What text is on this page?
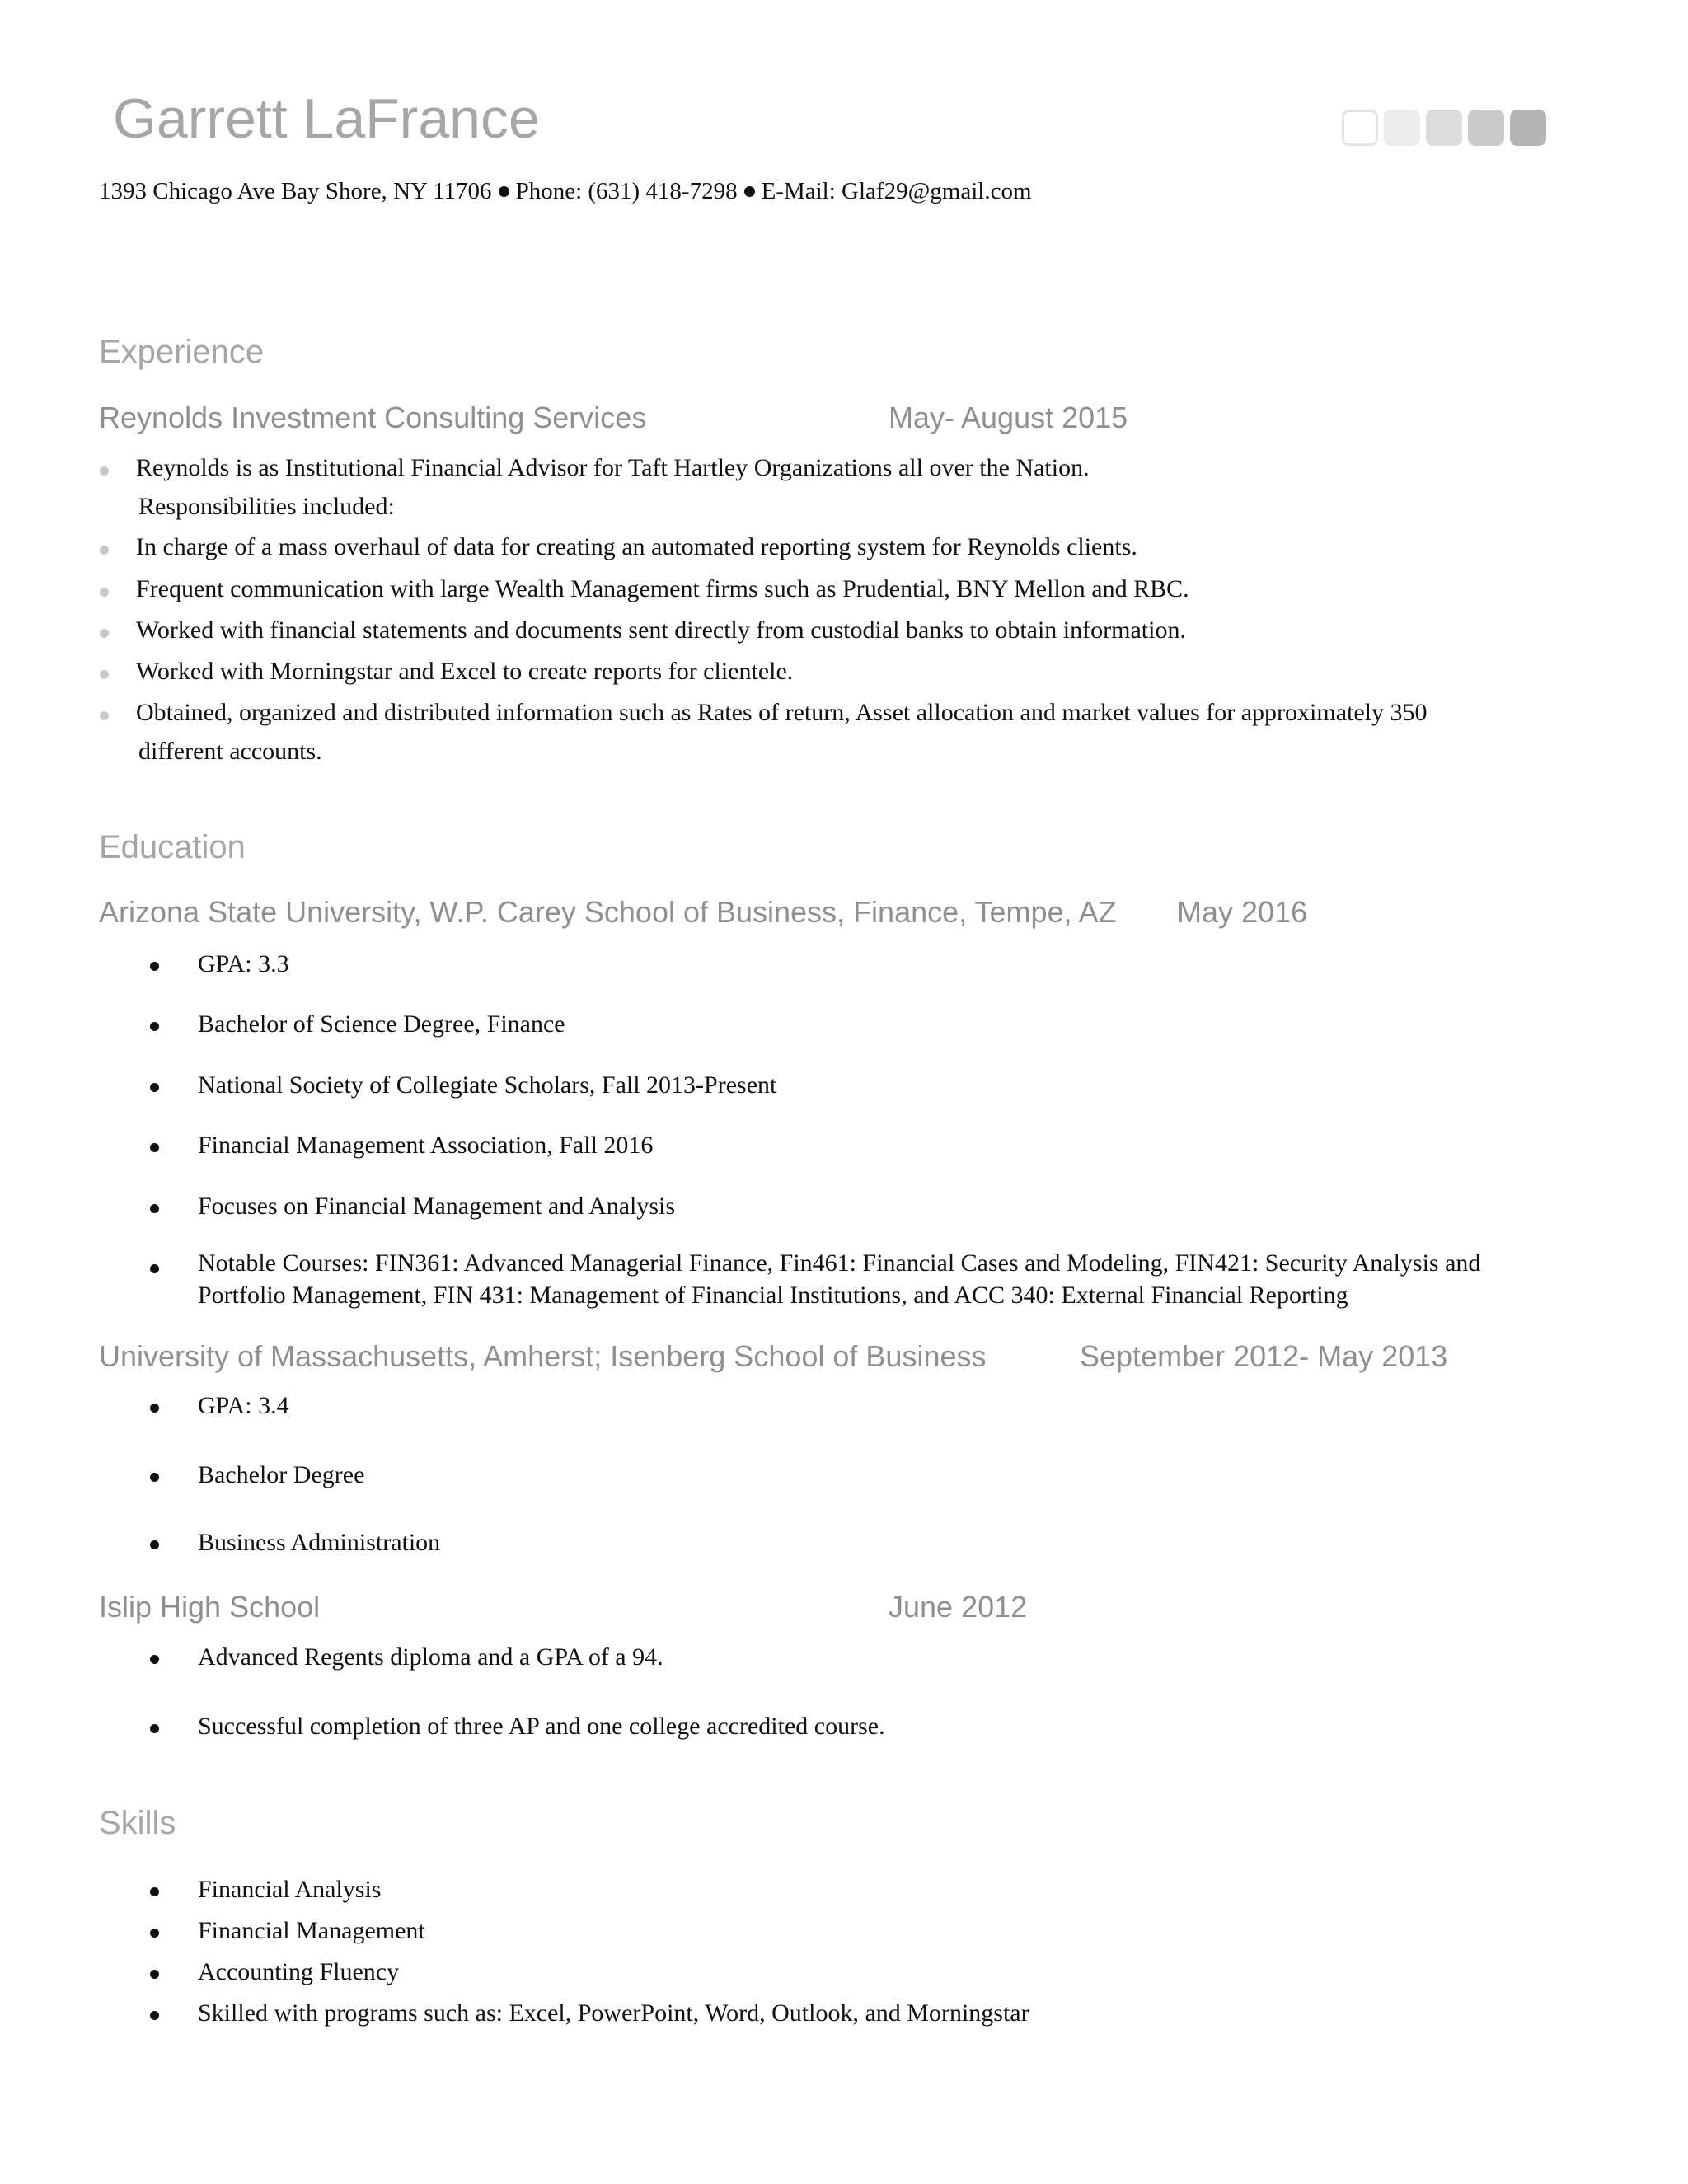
Garrett LaFrance
1393 Chicago Ave Bay Shore, NY 11706 Phone: (631) 418-7298 E-Mail: Glaf29@gmail.com
Experience
Reynolds Investment Consulting Services	May- August 2015
Reynolds is as Institutional Financial Advisor for Taft Hartley Organizations all over the Nation.
Responsibilities included:
In charge of a mass overhaul of data for creating an automated reporting system for Reynolds clients.
Frequent communication with large Wealth Management firms such as Prudential, BNY Mellon and RBC.
Worked with financial statements and documents sent directly from custodial banks to obtain information.
Worked with Morningstar and Excel to create reports for clientele.
Obtained, organized and distributed information such as Rates of return, Asset allocation and market values for approximately 350
different accounts.
Education
Arizona State University, W.P. Carey School of Business, Finance, Tempe, AZ May 2016
GPA: 3.3
Bachelor of Science Degree, Finance
National Society of Collegiate Scholars, Fall 2013-Present
Financial Management Association, Fall 2016
Focuses on Financial Management and Analysis
Notable Courses: FIN361: Advanced Managerial Finance, Fin461: Financial Cases and Modeling, FIN421: Security Analysis and Portfolio Management, FIN 431: Management of Financial Institutions, and ACC 340: External Financial Reporting
University of Massachusetts, Amherst; Isenberg School of Business	September 2012- May 2013
GPA: 3.4
Bachelor Degree
Business Administration
Islip High School	June 2012
Advanced Regents diploma and a GPA of a 94.
Successful completion of three AP and one college accredited course.
Skills
Financial Analysis
Financial Management
Accounting Fluency
Skilled with programs such as: Excel, PowerPoint, Word, Outlook, and Morningstar
